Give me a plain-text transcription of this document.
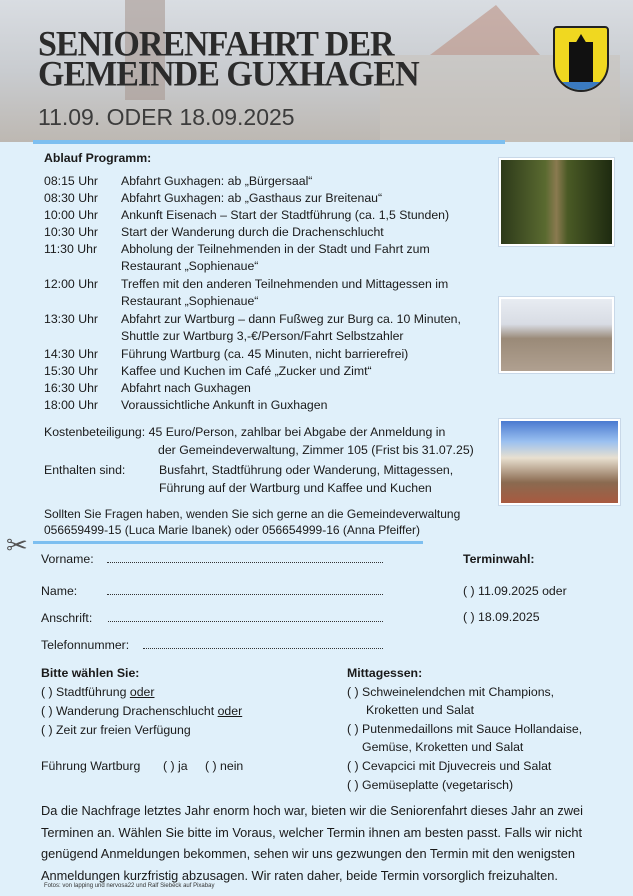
SENIORENFAHRT DER
GEMEINDE GUXHAGEN
11.09. ODER 18.09.2025
Ablauf Programm:
08:15 Uhr	Abfahrt Guxhagen: ab „Bürgersaal“
08:30 Uhr	Abfahrt Guxhagen: ab „Gasthaus zur Breitenau“
10:00 Uhr	Ankunft Eisenach – Start der Stadtführung (ca. 1,5 Stunden)
10:30 Uhr	Start der Wanderung durch die Drachenschlucht
11:30 Uhr	Abholung der Teilnehmenden in der Stadt und Fahrt zum
Restaurant „Sophienaue“
12:00 Uhr	Treffen mit den anderen Teilnehmenden und Mittagessen im
Restaurant „Sophienaue“
13:30 Uhr	Abfahrt zur Wartburg – dann Fußweg zur Burg ca. 10 Minuten,
Shuttle zur Wartburg 3,-€/Person/Fahrt Selbstzahler
14:30 Uhr	Führung Wartburg (ca. 45 Minuten, nicht barrierefrei)
15:30 Uhr	Kaffee und Kuchen im Café „Zucker und Zimt“
16:30 Uhr	Abfahrt nach Guxhagen
18:00 Uhr	Voraussichtliche Ankunft in Guxhagen
Kostenbeteiligung: 45 Euro/Person, zahlbar bei Abgabe der Anmeldung in
der Gemeindeverwaltung, Zimmer 105 (Frist bis 31.07.25)
Enthalten sind:	Busfahrt, Stadtführung oder Wanderung, Mittagessen,
Führung auf der Wartburg und Kaffee und Kuchen
Sollten Sie Fragen haben, wenden Sie sich gerne an die Gemeindeverwaltung
056659499-15 (Luca Marie Ibanek) oder 056654999-16 (Anna Pfeiffer)
✂ Vorname:
Name:
Anschrift:
Telefonnummer:
Terminwahl:
( ) 11.09.2025 oder
( ) 18.09.2025
Bitte wählen Sie:
( ) Stadtführung oder
( ) Wanderung Drachenschlucht oder
( ) Zeit zur freien Verfügung
Führung Wartburg	( ) ja	( ) nein
Mittagessen:
( ) Schweinelendchen mit Champions,
Kroketten und Salat
( ) Putenmedaillons mit Sauce Hollandaise,
Gemüse, Kroketten und Salat
( ) Cevapcici mit Djuvecreis und Salat
( ) Gemüseplatte (vegetarisch)
Da die Nachfrage letztes Jahr enorm hoch war, bieten wir die Seniorenfahrt dieses Jahr an zwei Terminen an. Wählen Sie bitte im Voraus, welcher Termin ihnen am besten passt. Falls wir nicht genügend Anmeldungen bekommen, sehen wir uns gezwungen den Termin mit den wenigsten Anmeldungen kurzfristig abzusagen. Wir raten daher, beide Termin vorsorglich freizuhalten.
Fotos: von lapping und nervosa22 und Ralf Siebeck auf Pixabay
